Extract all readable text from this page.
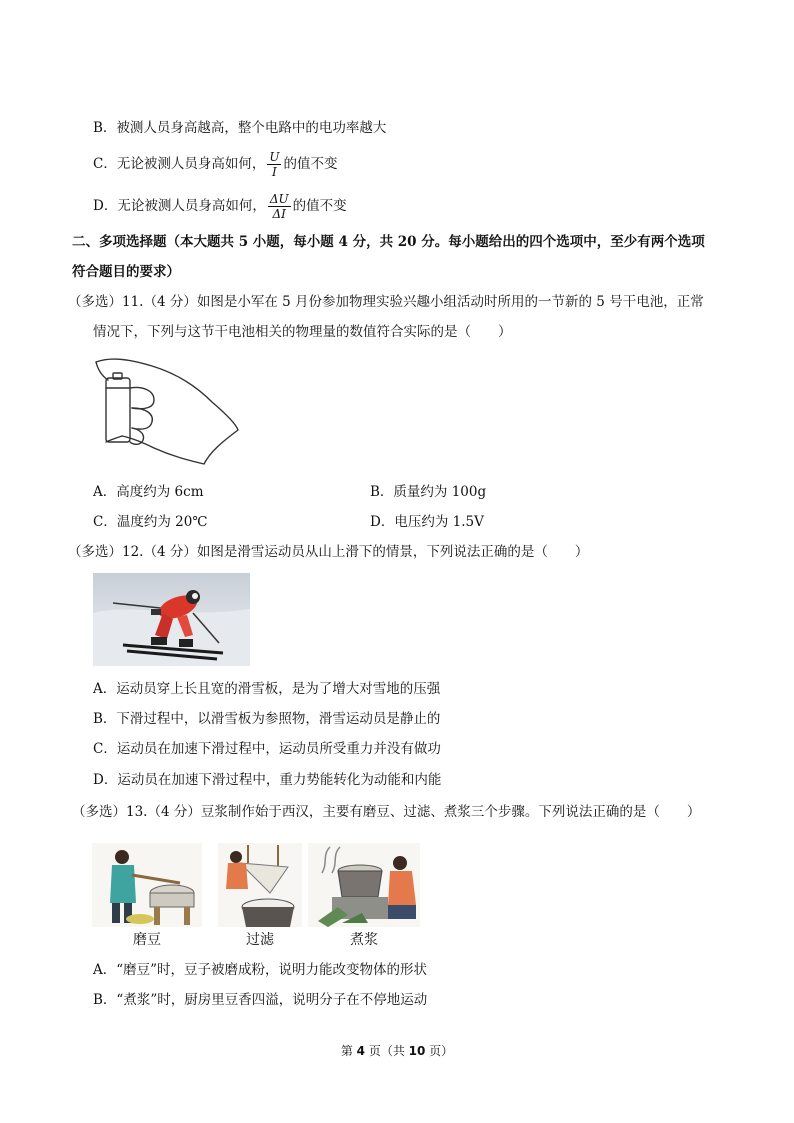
B．被测人员身高越高，整个电路中的电功率越大
C．无论被测人员身高如何， $\frac{U}{I}$ 的值不变
D．无论被测人员身高如何， $\frac{\Delta U}{\Delta I}$ 的值不变
二、多项选择题（本大题共 5 小题，每小题 4 分，共 20 分。每小题给出的四个选项中，至少有两个选项
符合题目的要求）
（多选）11.（4 分）如图是小军在 5 月份参加物理实验兴趣小组活动时所用的一节新的 5 号干电池，正常
情况下，下列与这节干电池相关的物理量的数值符合实际的是（　　）
A．高度约为 6cm	B．质量约为 100g
C．温度约为 20℃	D．电压约为 1.5V
（多选）12.（4 分）如图是滑雪运动员从山上滑下的情景，下列说法正确的是（　　）
A．运动员穿上长且宽的滑雪板，是为了增大对雪地的压强
B．下滑过程中，以滑雪板为参照物，滑雪运动员是静止的
C．运动员在加速下滑过程中，运动员所受重力并没有做功
D．运动员在加速下滑过程中，重力势能转化为动能和内能
（多选）13.（4 分）豆浆制作始于西汉，主要有磨豆、过滤、煮浆三个步骤。下列说法正确的是（　　）
磨豆	过滤	煮浆
A．“磨豆”时，豆子被磨成粉，说明力能改变物体的形状
B．“煮浆”时，厨房里豆香四溢，说明分子在不停地运动
第 4 页（共 10 页）
